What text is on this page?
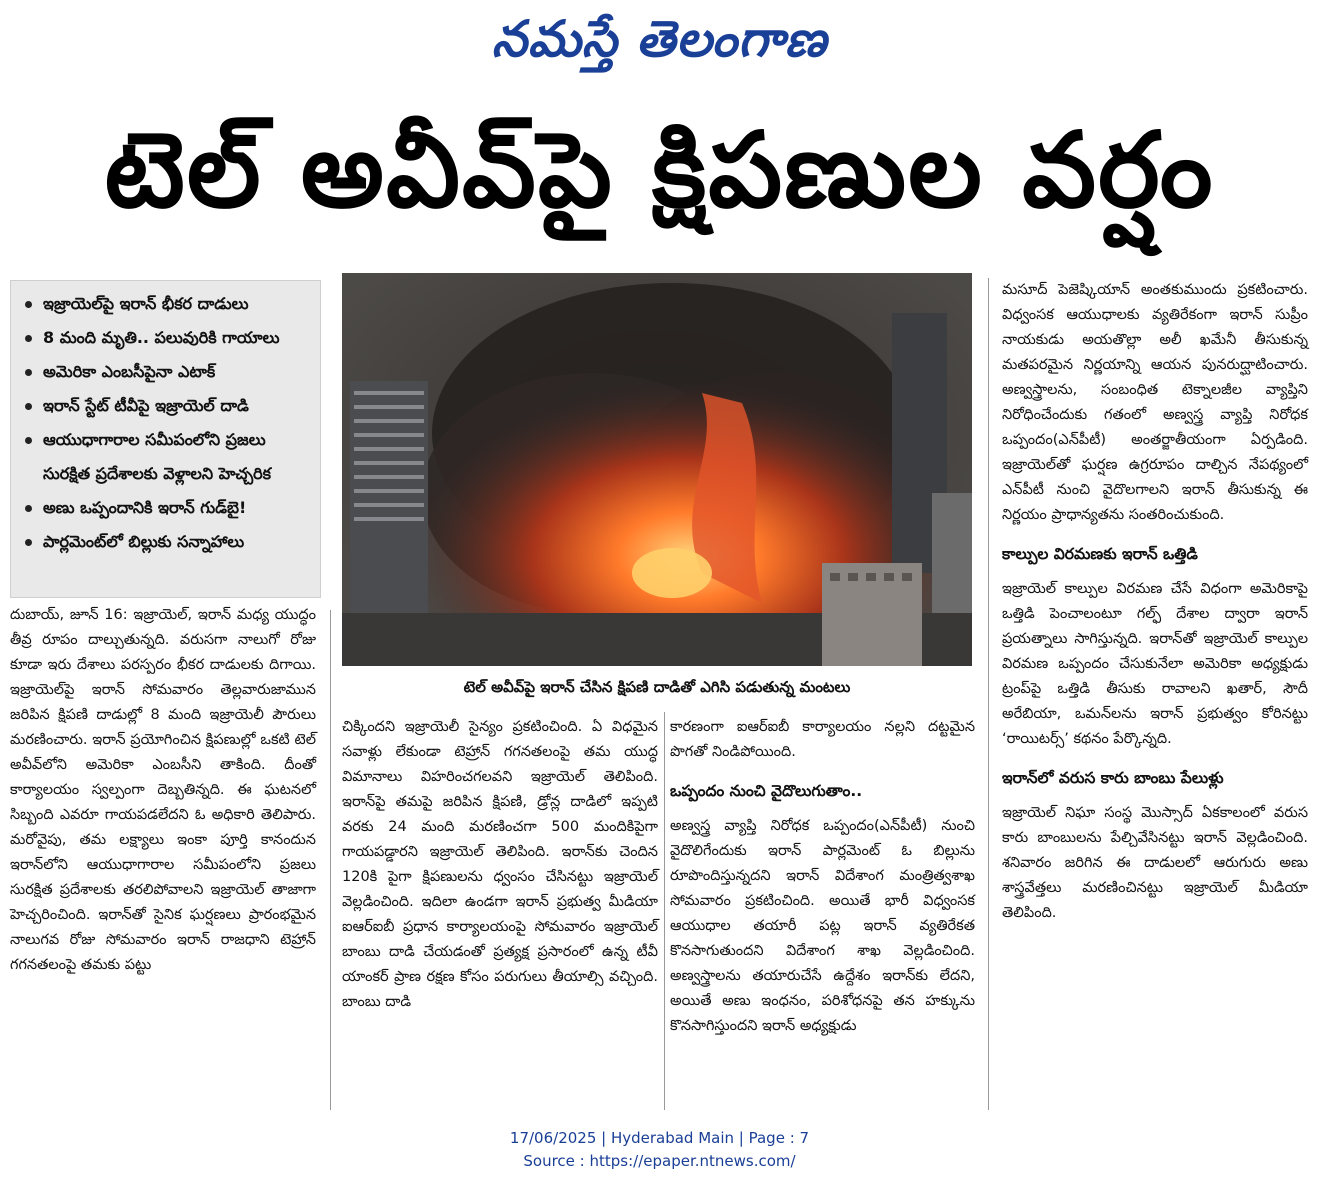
నమస్తే తెలంగాణ
టెల్ అవీవ్‌పై క్షిపణుల వర్షం
ఇజ్రాయెల్‌పై ఇరాన్ భీకర దాడులు
8 మంది మృతి.. పలువురికి గాయాలు
అమెరికా ఎంబసీపైనా ఎటాక్
ఇరాన్ స్టేట్ టీవీపై ఇజ్రాయెల్ దాడి
ఆయుధాగారాల సమీపంలోని ప్రజలు సురక్షిత ప్రదేశాలకు వెళ్లాలని హెచ్చరిక
అణు ఒప్పందానికి ఇరాన్ గుడ్‌బై!
పార్లమెంట్‌లో బిల్లుకు సన్నాహాలు
టెల్ అవీవ్‌పై ఇరాన్ చేసిన క్షిపణి దాడితో ఎగిసి పడుతున్న మంటలు

దుబాయ్, జూన్ 16: ఇజ్రాయెల్, ఇరాన్ మధ్య యుద్ధం తీవ్ర రూపం దాల్చుతున్నది. వరుసగా నాలుగో రోజు కూడా ఇరు దేశాలు పరస్పరం భీకర దాడులకు దిగాయి. ఇజ్రాయెల్‌పై ఇరాన్ సోమవారం తెల్లవారుజామున జరిపిన క్షిపణి దాడుల్లో 8 మంది ఇజ్రాయెలీ పౌరులు మరణించారు. ఇరాన్ ప్రయోగించిన క్షిపణుల్లో ఒకటి టెల్ అవీవ్‌లోని అమెరికా ఎంబసీని తాకింది. దీంతో కార్యాలయం స్వల్పంగా దెబ్బతిన్నది. ఈ ఘటనలో సిబ్బంది ఎవరూ గాయపడలేదని ఓ అధికారి తెలిపారు. మరోవైపు, తమ లక్ష్యాలు ఇంకా పూర్తి కానందున ఇరాన్‌లోని ఆయుధాగారాల సమీపంలోని ప్రజలు సురక్షిత ప్రదేశాలకు తరలిపోవాలని ఇజ్రాయెల్ తాజాగా హెచ్చరించింది. ఇరాన్‌తో సైనిక ఘర్షణలు ప్రారంభమైన నాలుగవ రోజు సోమవారం ఇరాన్ రాజధాని టెహ్రాన్ గగనతలంపై తమకు పట్టు

చిక్కిందని ఇజ్రాయెలీ సైన్యం ప్రకటించింది. ఏ విధమైన సవాళ్లు లేకుండా టెహ్రాన్ గగనతలంపై తమ యుద్ధ విమానాలు విహరించగలవని ఇజ్రాయెల్ తెలిపింది. ఇరాన్‌పై తమపై జరిపిన క్షిపణి, డ్రోన్ల దాడిలో ఇప్పటి వరకు 24 మంది మరణించగా 500 మందికిపైగా గాయపడ్డారని ఇజ్రాయెల్ తెలిపింది. ఇరాన్‌కు చెందిన 120కి పైగా క్షిపణులను ధ్వంసం చేసినట్టు ఇజ్రాయెల్ వెల్లడించింది. ఇదిలా ఉండగా ఇరాన్ ప్రభుత్వ మీడియా ఐఆర్‌ఐబీ ప్రధాన కార్యాలయంపై సోమవారం ఇజ్రాయెల్ బాంబు దాడి చేయడంతో ప్రత్యక్ష ప్రసారంలో ఉన్న టీవీ యాంకర్ ప్రాణ రక్షణ కోసం పరుగులు తీయాల్సి వచ్చింది. బాంబు దాడి

కారణంగా ఐఆర్‌ఐబీ కార్యాలయం నల్లని దట్టమైన పొగతో నిండిపోయింది.

ఒప్పందం నుంచి వైదొలుగుతాం..

అణ్వస్త్ర వ్యాప్తి నిరోధక ఒప్పందం(ఎన్‌పీటీ) నుంచి వైదొలిగేందుకు ఇరాన్ పార్లమెంట్ ఓ బిల్లును రూపొందిస్తున్నదని ఇరాన్ విదేశాంగ మంత్రిత్వశాఖ సోమవారం ప్రకటించింది. అయితే భారీ విధ్వంసక ఆయుధాల తయారీ పట్ల ఇరాన్ వ్యతిరేకత కొనసాగుతుందని విదేశాంగ శాఖ వెల్లడించింది. అణ్వస్త్రాలను తయారుచేసే ఉద్దేశం ఇరాన్‌కు లేదని, అయితే అణు ఇంధనం, పరిశోధనపై తన హక్కును కొనసాగిస్తుందని ఇరాన్ అధ్యక్షుడు

మసూద్ పెజెష్కియాన్ అంతకుముందు ప్రకటించారు. విధ్వంసక ఆయుధాలకు వ్యతిరేకంగా ఇరాన్ సుప్రీం నాయకుడు అయతొల్లా అలీ ఖమేనీ తీసుకున్న మతపరమైన నిర్ణయాన్ని ఆయన పునరుద్ఘాటించారు. అణ్వస్త్రాలను, సంబంధిత టెక్నాలజీల వ్యాప్తిని నిరోధించేందుకు గతంలో అణ్వస్త్ర వ్యాప్తి నిరోధక ఒప్పందం(ఎన్‌పీటీ) అంతర్జాతీయంగా ఏర్పడింది. ఇజ్రాయెల్‌తో ఘర్షణ ఉగ్రరూపం దాల్చిన నేపథ్యంలో ఎన్‌పీటీ నుంచి వైదొలగాలని ఇరాన్ తీసుకున్న ఈ నిర్ణయం ప్రాధాన్యతను సంతరించుకుంది.

కాల్పుల విరమణకు ఇరాన్ ఒత్తిడి

ఇజ్రాయెల్ కాల్పుల విరమణ చేసే విధంగా అమెరికాపై ఒత్తిడి పెంచాలంటూ గల్ఫ్ దేశాల ద్వారా ఇరాన్ ప్రయత్నాలు సాగిస్తున్నది. ఇరాన్‌తో ఇజ్రాయెల్ కాల్పుల విరమణ ఒప్పందం చేసుకునేలా అమెరికా అధ్యక్షుడు ట్రంప్‌పై ఒత్తిడి తీసుకు రావాలని ఖతార్, సౌదీ అరేబియా, ఒమన్‌లను ఇరాన్ ప్రభుత్వం కోరినట్టు ‘రాయిటర్స్’ కథనం పేర్కొన్నది.

ఇరాన్‌లో వరుస కారు బాంబు పేలుళ్లు

ఇజ్రాయెల్ నిఘా సంస్థ మొస్సాద్ ఏకకాలంలో వరుస కారు బాంబులను పేల్చివేసినట్టు ఇరాన్ వెల్లడించింది. శనివారం జరిగిన ఈ దాడులలో ఆరుగురు అణు శాస్త్రవేత్తలు మరణించినట్టు ఇజ్రాయెల్ మీడియా తెలిపింది.

17/06/2025 | Hyderabad Main | Page : 7
Source : https://epaper.ntnews.com/
